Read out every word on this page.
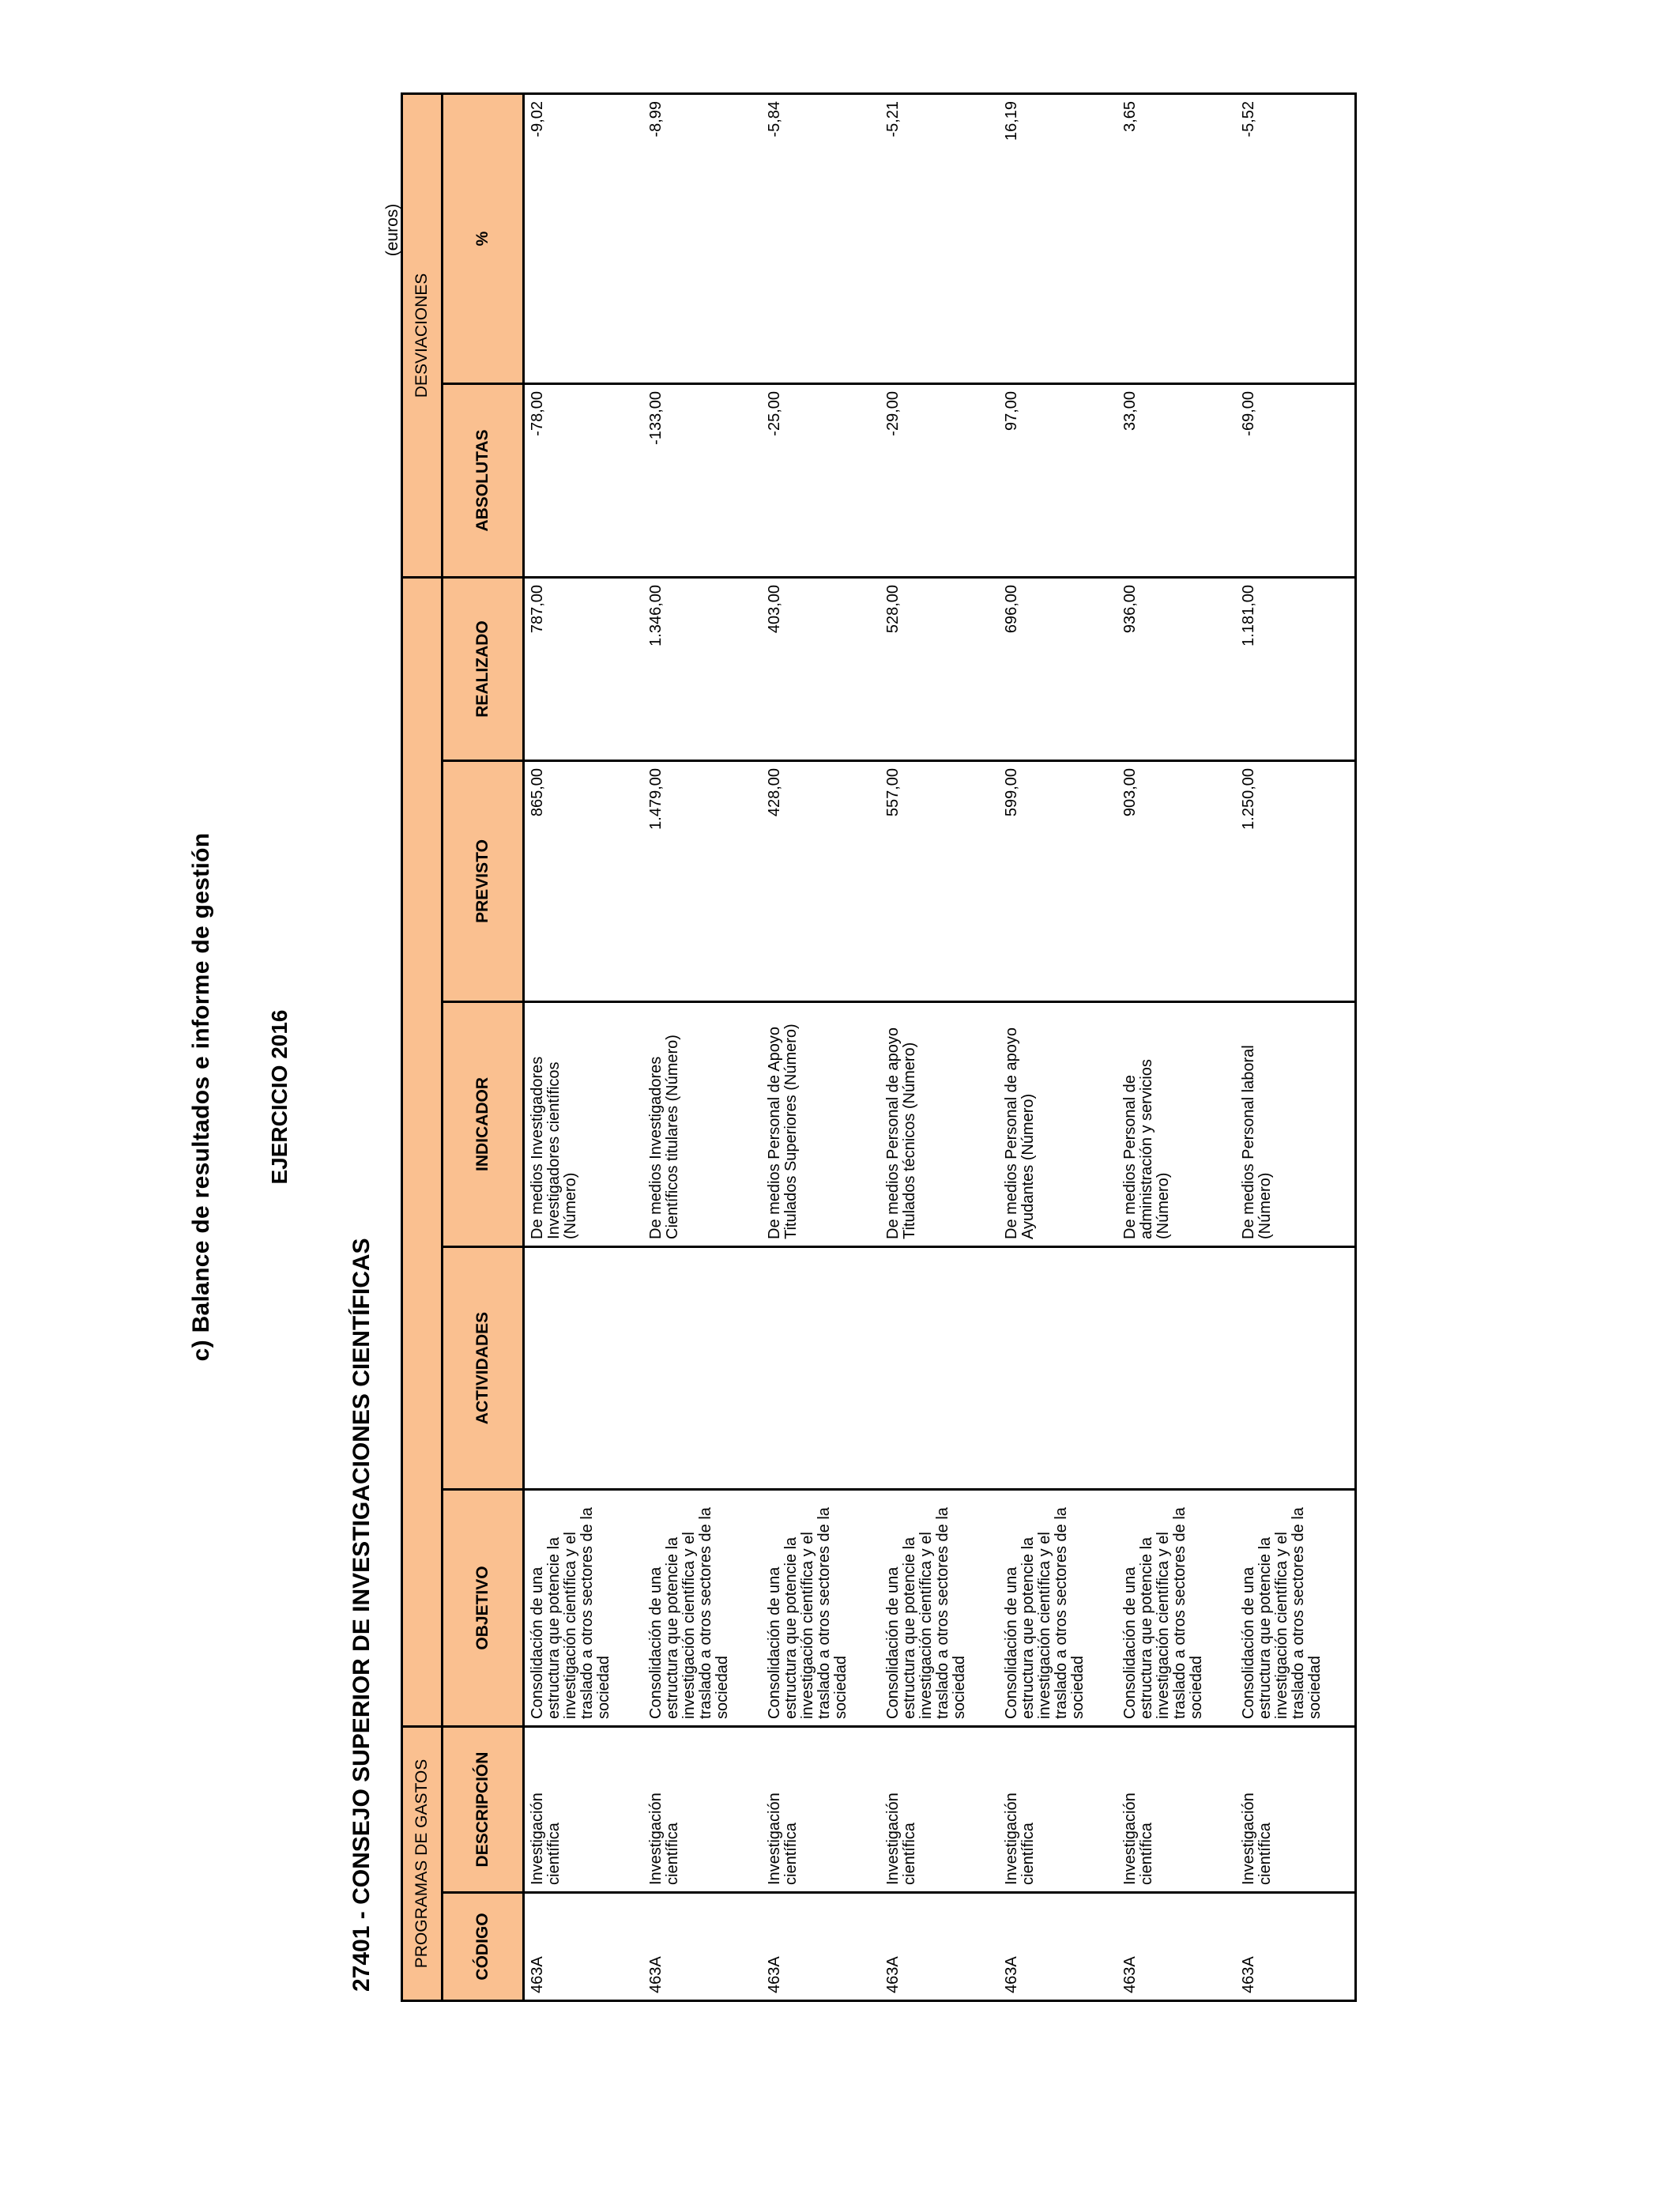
c) Balance de resultados e informe de gestión EJERCICIO 2016
27401 - CONSEJO SUPERIOR DE INVESTIGACIONES CIENTÍFICAS
(euros)
PROGRAMAS DE GASTOS							DESVIACIONES	
CÓDIGO	DESCRIPCIÓN	OBJETIVO	ACTIVIDADES	INDICADOR	PREVISTO	REALIZADO	ABSOLUTAS	%
463A	Investigación científica	Consolidación de una estructura que potencie la investigación científica y el traslado a otros sectores de la sociedad		De medios Investigadores Investigadores científicos (Número)	865,00	787,00	-78,00	-9,02
463A	Investigación científica	Consolidación de una estructura que potencie la investigación científica y el traslado a otros sectores de la sociedad		De medios Investigadores Científicos titulares (Número)	1.479,00	1.346,00	-133,00	-8,99
463A	Investigación científica	Consolidación de una estructura que potencie la investigación científica y el traslado a otros sectores de la sociedad		De medios Personal de Apoyo Titulados Superiores (Número)	428,00	403,00	-25,00	-5,84
463A	Investigación científica	Consolidación de una estructura que potencie la investigación científica y el traslado a otros sectores de la sociedad		De medios Personal de apoyo Titulados técnicos (Número)	557,00	528,00	-29,00	-5,21
463A	Investigación científica	Consolidación de una estructura que potencie la investigación científica y el traslado a otros sectores de la sociedad		De medios Personal de apoyo Ayudantes (Número)	599,00	696,00	97,00	16,19
463A	Investigación científica	Consolidación de una estructura que potencie la investigación científica y el traslado a otros sectores de la sociedad		De medios Personal de administración y servicios (Número)	903,00	936,00	33,00	3,65
463A	Investigación científica	Consolidación de una estructura que potencie la investigación científica y el traslado a otros sectores de la sociedad		De medios Personal laboral (Número)	1.250,00	1.181,00	-69,00	-5,52
